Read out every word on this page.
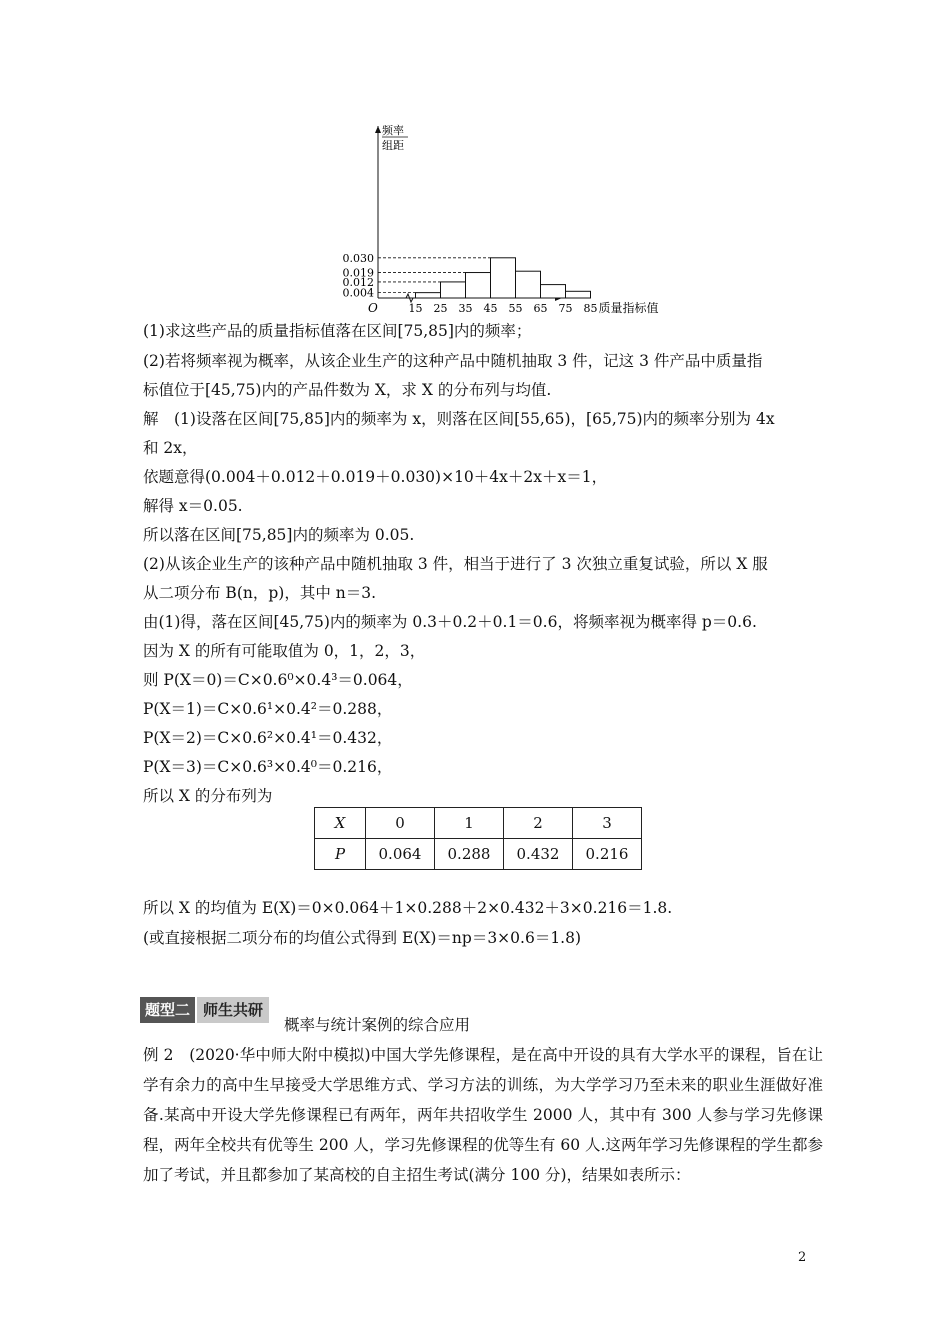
0.004
0.012
0.019
0.030
15 25 35 45 55 65 75 85
O	质量指标值
频率
组距
(1)求这些产品的质量指标值落在区间[75,85]内的频率；
(2)若将频率视为概率，从该企业生产的这种产品中随机抽取 3 件，记这 3 件产品中质量指
标值位于[45,75)内的产品件数为 X，求 X 的分布列与均值.
解　(1)设落在区间[75,85]内的频率为 x，则落在区间[55,65)，[65,75)内的频率分别为 4x
和 2x，
依题意得(0.004＋0.012＋0.019＋0.030)×10＋4x＋2x＋x＝1，
解得 x＝0.05.
所以落在区间[75,85]内的频率为 0.05.
(2)从该企业生产的该种产品中随机抽取 3 件，相当于进行了 3 次独立重复试验，所以 X 服
从二项分布 B(n，p)，其中 n＝3.
由(1)得，落在区间[45,75)内的频率为 0.3＋0.2＋0.1＝0.6，将频率视为概率得 p＝0.6.
因为 X 的所有可能取值为 0，1，2，3，
则 P(X＝0)＝C×0.6⁰×0.4³＝0.064，
P(X＝1)＝C×0.6¹×0.4²＝0.288，
P(X＝2)＝C×0.6²×0.4¹＝0.432，
P(X＝3)＝C×0.6³×0.4⁰＝0.216，
所以 X 的分布列为
X	0	1	2	3
P	0.064	0.288	0.432	0.216
所以 X 的均值为 E(X)＝0×0.064＋1×0.288＋2×0.432＋3×0.216＝1.8.
(或直接根据二项分布的均值公式得到 E(X)＝np＝3×0.6＝1.8)
题型二 师生共研
概率与统计案例的综合应用
例 2　(2020·华中师大附中模拟)中国大学先修课程，是在高中开设的具有大学水平的课程，旨在让学有余力的高中生早接受大学思维方式、学习方法的训练，为大学学习乃至未来的职业生涯做好准备.某高中开设大学先修课程已有两年，两年共招收学生 2000 人，其中有 300 人参与学习先修课程，两年全校共有优等生 200 人，学习先修课程的优等生有 60 人.这两年学习先修课程的学生都参加了考试，并且都参加了某高校的自主招生考试(满分 100 分)，结果如表所示：
2
